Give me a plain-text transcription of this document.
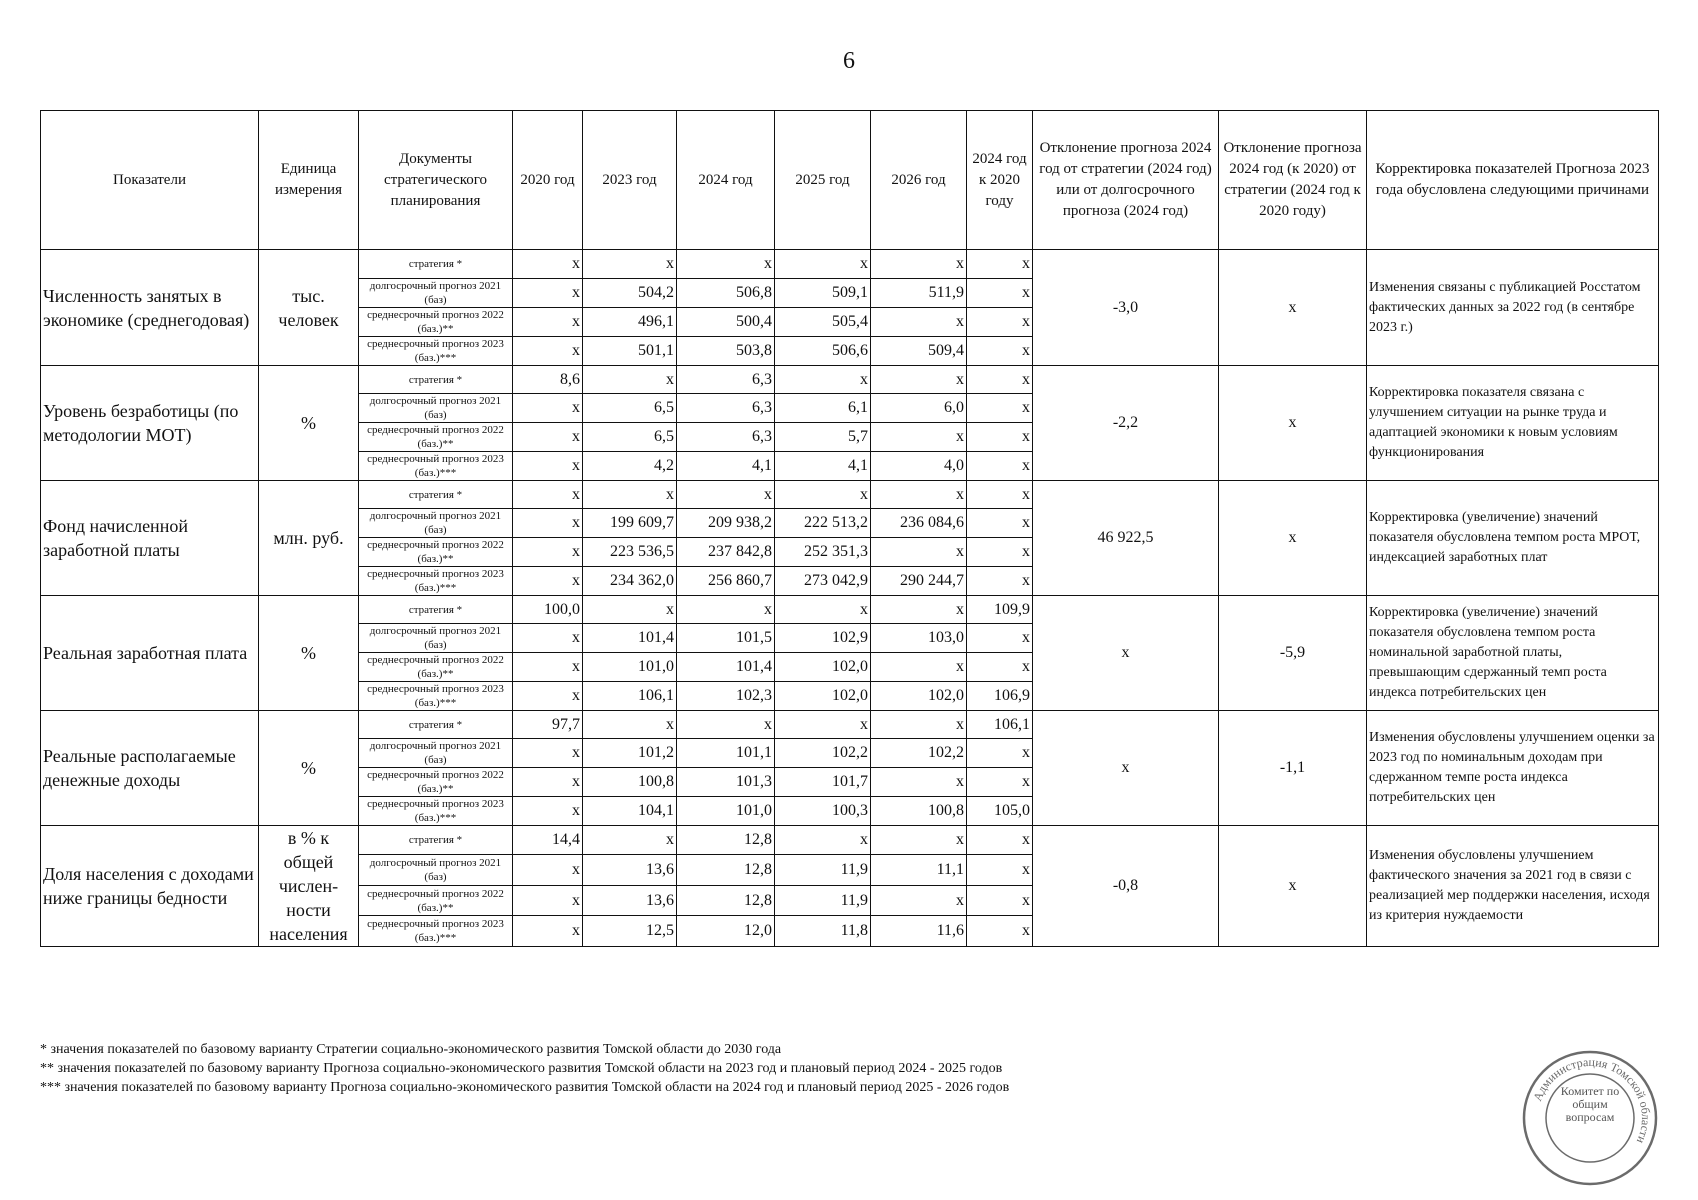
6
Показатели	Единица измерения	Документы стратегического планирования	2020 год	2023 год	2024 год	2025 год	2026 год	2024 год к 2020 году	Отклонение прогноза 2024 год от стратегии (2024 год) или от долгосрочного прогноза (2024 год)	Отклонение прогноза 2024 год (к 2020) от стратегии (2024 год к 2020 году)	Корректировка показателей Прогноза 2023 года обусловлена следующими причинами
Численность занятых в экономике (среднегодовая)	тыс. человек	стратегия *	x	x	x	x	x	x	-3,0	x	Изменения связаны с публикацией Росстатом фактических данных за 2022 год (в сентябре 2023 г.)
		долгосрочный прогноз 2021 (баз)	x	504,2	506,8	509,1	511,9	x			
		среднесрочный прогноз 2022 (баз.)**	x	496,1	500,4	505,4	x	x			
		среднесрочный прогноз 2023 (баз.)***	x	501,1	503,8	506,6	509,4	x			
Уровень безработицы (по методологии МОТ)	%	стратегия *	8,6	x	6,3	x	x	x	-2,2	x	Корректировка показателя связана с улучшением ситуации на рынке труда и адаптацией экономики к новым условиям функционирования
		долгосрочный прогноз 2021 (баз)	x	6,5	6,3	6,1	6,0	x			
		среднесрочный прогноз 2022 (баз.)**	x	6,5	6,3	5,7	x	x			
		среднесрочный прогноз 2023 (баз.)***	x	4,2	4,1	4,1	4,0	x			
Фонд начисленной заработной платы	млн. руб.	стратегия *	x	x	x	x	x	x	46 922,5	x	Корректировка (увеличение) значений показателя обусловлена темпом роста МРОТ, индексацией заработных плат
		долгосрочный прогноз 2021 (баз)	x	199 609,7	209 938,2	222 513,2	236 084,6	x			
		среднесрочный прогноз 2022 (баз.)**	x	223 536,5	237 842,8	252 351,3	x	x			
		среднесрочный прогноз 2023 (баз.)***	x	234 362,0	256 860,7	273 042,9	290 244,7	x			
Реальная заработная плата	%	стратегия *	100,0	x	x	x	x	109,9	x	-5,9	Корректировка (увеличение) значений показателя обусловлена темпом роста номинальной заработной платы, превышающим сдержанный темп роста индекса потребительских цен
		долгосрочный прогноз 2021 (баз)	x	101,4	101,5	102,9	103,0	x			
		среднесрочный прогноз 2022 (баз.)**	x	101,0	101,4	102,0	x	x			
		среднесрочный прогноз 2023 (баз.)***	x	106,1	102,3	102,0	102,0	106,9			
Реальные располагаемые денежные доходы	%	стратегия *	97,7	x	x	x	x	106,1	x	-1,1	Изменения обусловлены улучшением оценки за 2023 год по номинальным доходам при сдержанном темпе роста индекса потребительских цен
		долгосрочный прогноз 2021 (баз)	x	101,2	101,1	102,2	102,2	x			
		среднесрочный прогноз 2022 (баз.)**	x	100,8	101,3	101,7	x	x			
		среднесрочный прогноз 2023 (баз.)***	x	104,1	101,0	100,3	100,8	105,0			
Доля населения с доходами ниже границы бедности	в % к общей числен-ности населения	стратегия *	14,4	x	12,8	x	x	x	-0,8	x	Изменения обусловлены улучшением фактического значения за 2021 год в связи с реализацией мер поддержки населения, исходя из критерия нуждаемости
		долгосрочный прогноз 2021 (баз)	x	13,6	12,8	11,9	11,1	x			
		среднесрочный прогноз 2022 (баз.)**	x	13,6	12,8	11,9	x	x			
		среднесрочный прогноз 2023 (баз.)***	x	12,5	12,0	11,8	11,6	x			
* значения показателей по базовому варианту Стратегии социально-экономического развития Томской области до 2030 года
** значения показателей по базовому варианту Прогноза социально-экономического развития Томской области на 2023 год и плановый период 2024 - 2025 годов
*** значения показателей по базовому варианту Прогноза социально-экономического развития Томской области на 2024 год и плановый период 2025 - 2026 годов
Администрация Томской области
Комитет по общим вопросам
